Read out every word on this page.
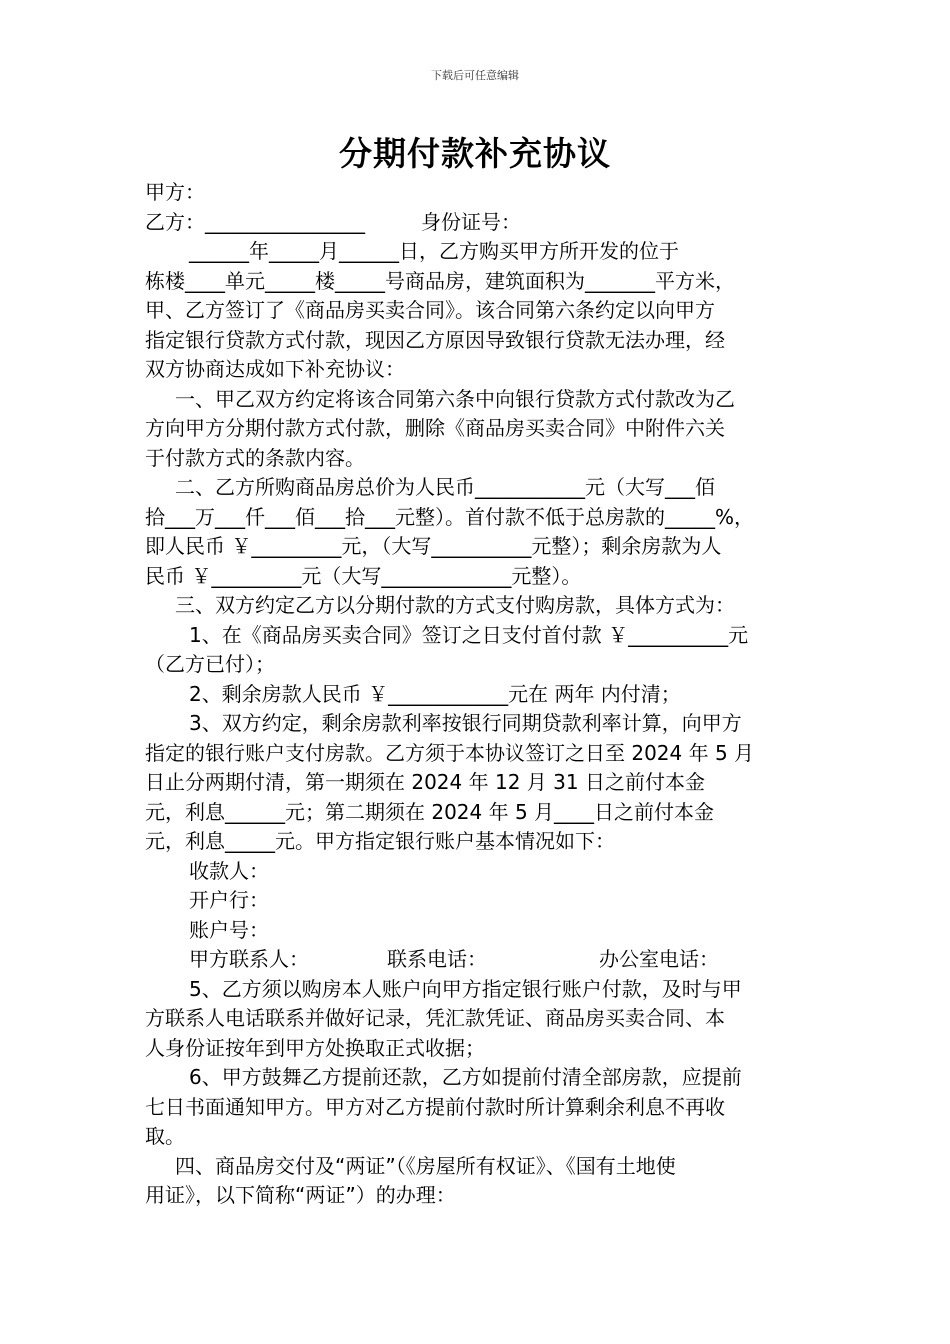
下载后可任意编辑
分期付款补充协议
甲方：
乙方：________________	身份证号：
______年_____月______日，乙方购买甲方所开发的位于
栋楼____单元_____楼_____号商品房，建筑面积为_______平方米，
甲、乙方签订了《商品房买卖合同》。该合同第六条约定以向甲方
指定银行贷款方式付款，现因乙方原因导致银行贷款无法办理，经
双方协商达成如下补充协议：
一、甲乙双方约定将该合同第六条中向银行贷款方式付款改为乙
方向甲方分期付款方式付款，删除《商品房买卖合同》中附件六关
于付款方式的条款内容。
二、乙方所购商品房总价为人民币___________元（大写___佰
拾___万___仟___佰___拾___元整）。首付款不低于总房款的_____%，
即人民币 ￥_________元，（大写__________元整）；剩余房款为人
民币 ￥_________元（大写_____________元整）。
三、双方约定乙方以分期付款的方式支付购房款，具体方式为：
1、在《商品房买卖合同》签订之日支付首付款 ￥__________元
（乙方已付）；
2、剩余房款人民币 ￥____________元在 两年 内付清；
3、双方约定，剩余房款利率按银行同期贷款利率计算，向甲方
指定的银行账户支付房款。乙方须于本协议签订之日至 2024 年 5 月
日止分两期付清，第一期须在 2024 年 12 月 31 日之前付本金
元，利息______元；第二期须在 2024 年 5 月____日之前付本金
元，利息_____元。甲方指定银行账户基本情况如下：
收款人：
开户行：
账户号：
甲方联系人：	联系电话：	办公室电话：
5、乙方须以购房本人账户向甲方指定银行账户付款，及时与甲
方联系人电话联系并做好记录，凭汇款凭证、商品房买卖合同、本
人身份证按年到甲方处换取正式收据；
6、甲方鼓舞乙方提前还款，乙方如提前付清全部房款，应提前
七日书面通知甲方。甲方对乙方提前付款时所计算剩余利息不再收
取。
四、商品房交付及“两证”（《房屋所有权证》、《国有土地使
用证》，以下简称“两证”）的办理：
